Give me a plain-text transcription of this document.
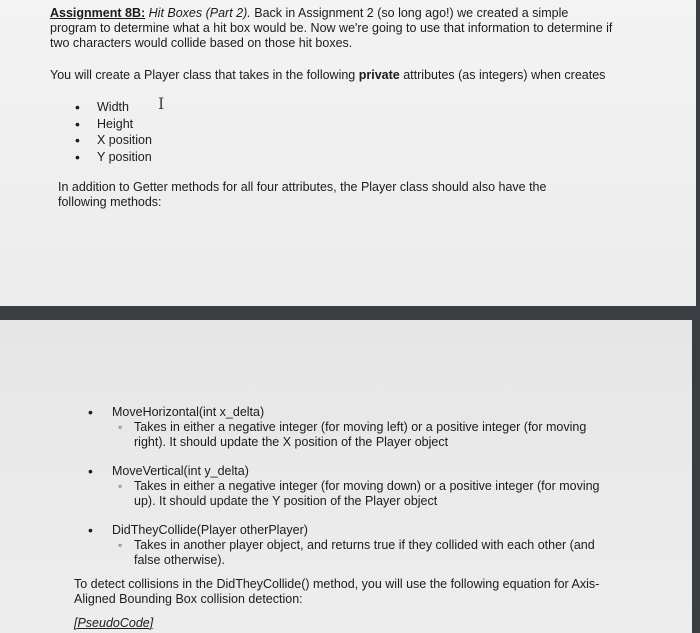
Assignment 8B: Hit Boxes (Part 2). Back in Assignment 2 (so long ago!) we created a simple program to determine what a hit box would be. Now we're going to use that information to determine if two characters would collide based on those hit boxes.

You will create a Player class that takes in the following private attributes (as integers) when creates

• Width
• Height
• X position
• Y position
I

In addition to Getter methods for all four attributes, the Player class should also have the following methods:

• MoveHorizontal(int x_delta)
◦ Takes in either a negative integer (for moving left) or a positive integer (for moving right). It should update the X position of the Player object
• MoveVertical(int y_delta)
◦ Takes in either a negative integer (for moving down) or a positive integer (for moving up). It should update the Y position of the Player object
• DidTheyCollide(Player otherPlayer)
◦ Takes in another player object, and returns true if they collided with each other (and false otherwise).

To detect collisions in the DidTheyCollide() method, you will use the following equation for Axis-Aligned Bounding Box collision detection:

[PseudoCode]
